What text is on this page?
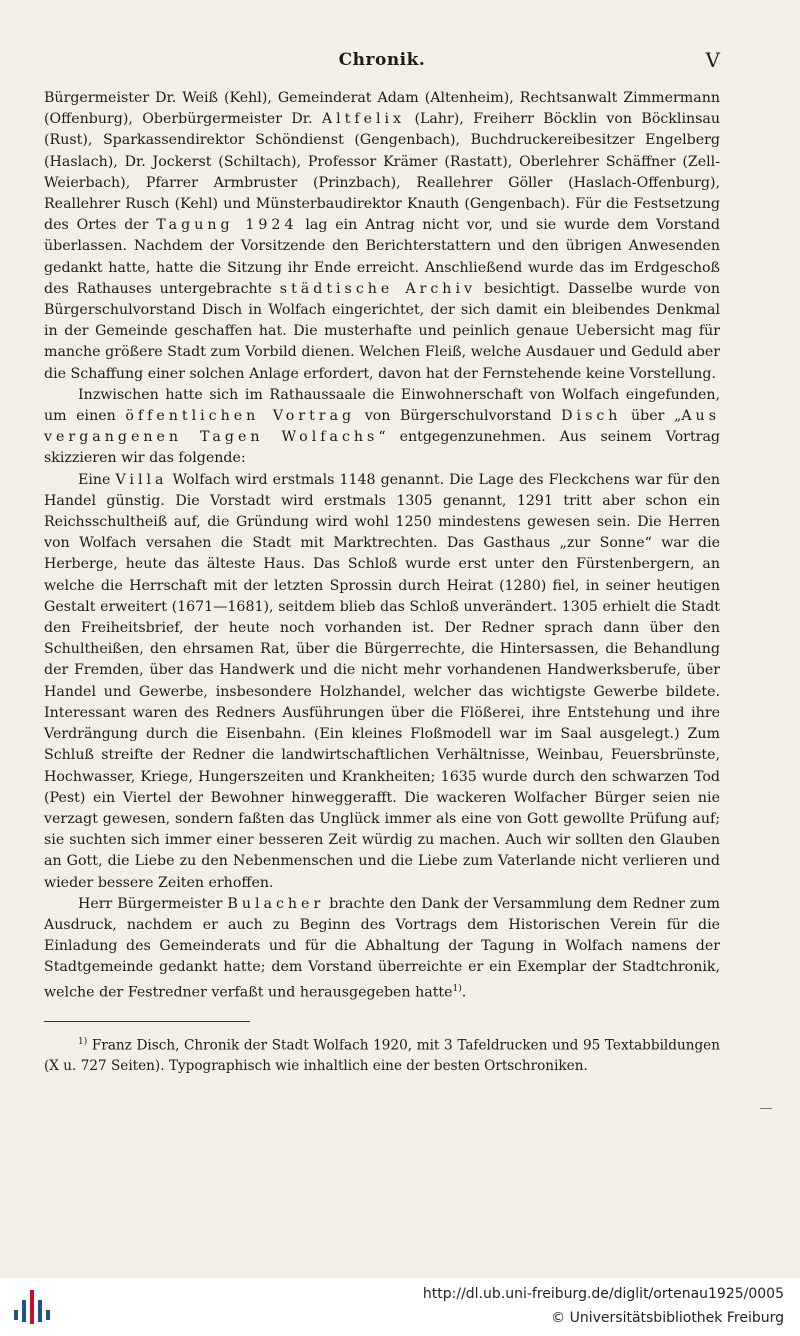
Chronik.	V

Bürgermeister Dr. Weiß (Kehl), Gemeinderat Adam (Altenheim), Rechtsanwalt Zimmermann (Offenburg), Oberbürgermeister Dr. Altfelix (Lahr), Freiherr Böcklin von Böcklinsau (Rust), Sparkassendirektor Schöndienst (Gengenbach), Buchdruckereibesitzer Engelberg (Haslach), Dr. Jockerst (Schiltach), Professor Krämer (Rastatt), Oberlehrer Schäffner (Zell-Weierbach), Pfarrer Armbruster (Prinzbach), Reallehrer Göller (Haslach-Offenburg), Reallehrer Rusch (Kehl) und Münsterbaudirektor Knauth (Gengenbach). Für die Festsetzung des Ortes der Tagung 1924 lag ein Antrag nicht vor, und sie wurde dem Vorstand überlassen. Nachdem der Vorsitzende den Berichterstattern und den übrigen Anwesenden gedankt hatte, hatte die Sitzung ihr Ende erreicht. Anschließend wurde das im Erdgeschoß des Rathauses untergebrachte städtische Archiv besichtigt. Dasselbe wurde von Bürgerschulvorstand Disch in Wolfach eingerichtet, der sich damit ein bleibendes Denkmal in der Gemeinde geschaffen hat. Die musterhafte und peinlich genaue Uebersicht mag für manche größere Stadt zum Vorbild dienen. Welchen Fleiß, welche Ausdauer und Geduld aber die Schaffung einer solchen Anlage erfordert, davon hat der Fernstehende keine Vorstellung.

Inzwischen hatte sich im Rathaussaale die Einwohnerschaft von Wolfach eingefunden, um einen öffentlichen Vortrag von Bürgerschulvorstand Disch über „Aus vergangenen Tagen Wolfachs“ entgegenzunehmen. Aus seinem Vortrag skizzieren wir das folgende:

Eine Villa Wolfach wird erstmals 1148 genannt. Die Lage des Fleckchens war für den Handel günstig. Die Vorstadt wird erstmals 1305 genannt, 1291 tritt aber schon ein Reichsschultheiß auf, die Gründung wird wohl 1250 mindestens gewesen sein. Die Herren von Wolfach versahen die Stadt mit Marktrechten. Das Gasthaus „zur Sonne“ war die Herberge, heute das älteste Haus. Das Schloß wurde erst unter den Fürstenbergern, an welche die Herrschaft mit der letzten Sprossin durch Heirat (1280) fiel, in seiner heutigen Gestalt erweitert (1671—1681), seitdem blieb das Schloß unverändert. 1305 erhielt die Stadt den Freiheitsbrief, der heute noch vorhanden ist. Der Redner sprach dann über den Schultheißen, den ehrsamen Rat, über die Bürgerrechte, die Hintersassen, die Behandlung der Fremden, über das Handwerk und die nicht mehr vorhandenen Handwerksberufe, über Handel und Gewerbe, insbesondere Holzhandel, welcher das wichtigste Gewerbe bildete. Interessant waren des Redners Ausführungen über die Flößerei, ihre Entstehung und ihre Verdrängung durch die Eisenbahn. (Ein kleines Floßmodell war im Saal ausgelegt.) Zum Schluß streifte der Redner die landwirtschaftlichen Verhältnisse, Weinbau, Feuersbrünste, Hochwasser, Kriege, Hungerszeiten und Krankheiten; 1635 wurde durch den schwarzen Tod (Pest) ein Viertel der Bewohner hinweggerafft. Die wackeren Wolfacher Bürger seien nie verzagt gewesen, sondern faßten das Unglück immer als eine von Gott gewollte Prüfung auf; sie suchten sich immer einer besseren Zeit würdig zu machen. Auch wir sollten den Glauben an Gott, die Liebe zu den Nebenmenschen und die Liebe zum Vaterlande nicht verlieren und wieder bessere Zeiten erhoffen.

Herr Bürgermeister Bulacher brachte den Dank der Versammlung dem Redner zum Ausdruck, nachdem er auch zu Beginn des Vortrags dem Historischen Verein für die Einladung des Gemeinderats und für die Abhaltung der Tagung in Wolfach namens der Stadtgemeinde gedankt hatte; dem Vorstand überreichte er ein Exemplar der Stadtchronik, welche der Festredner verfaßt und herausgegeben hatte$^{1)}$.

$^{1)}$ Franz Disch, Chronik der Stadt Wolfach 1920, mit 3 Tafeldrucken und 95 Textabbildungen (X u. 727 Seiten). Typographisch wie inhaltlich eine der besten Ortschroniken.
http://dl.ub.uni-freiburg.de/diglit/ortenau1925/0005
© Universitätsbibliothek Freiburg
